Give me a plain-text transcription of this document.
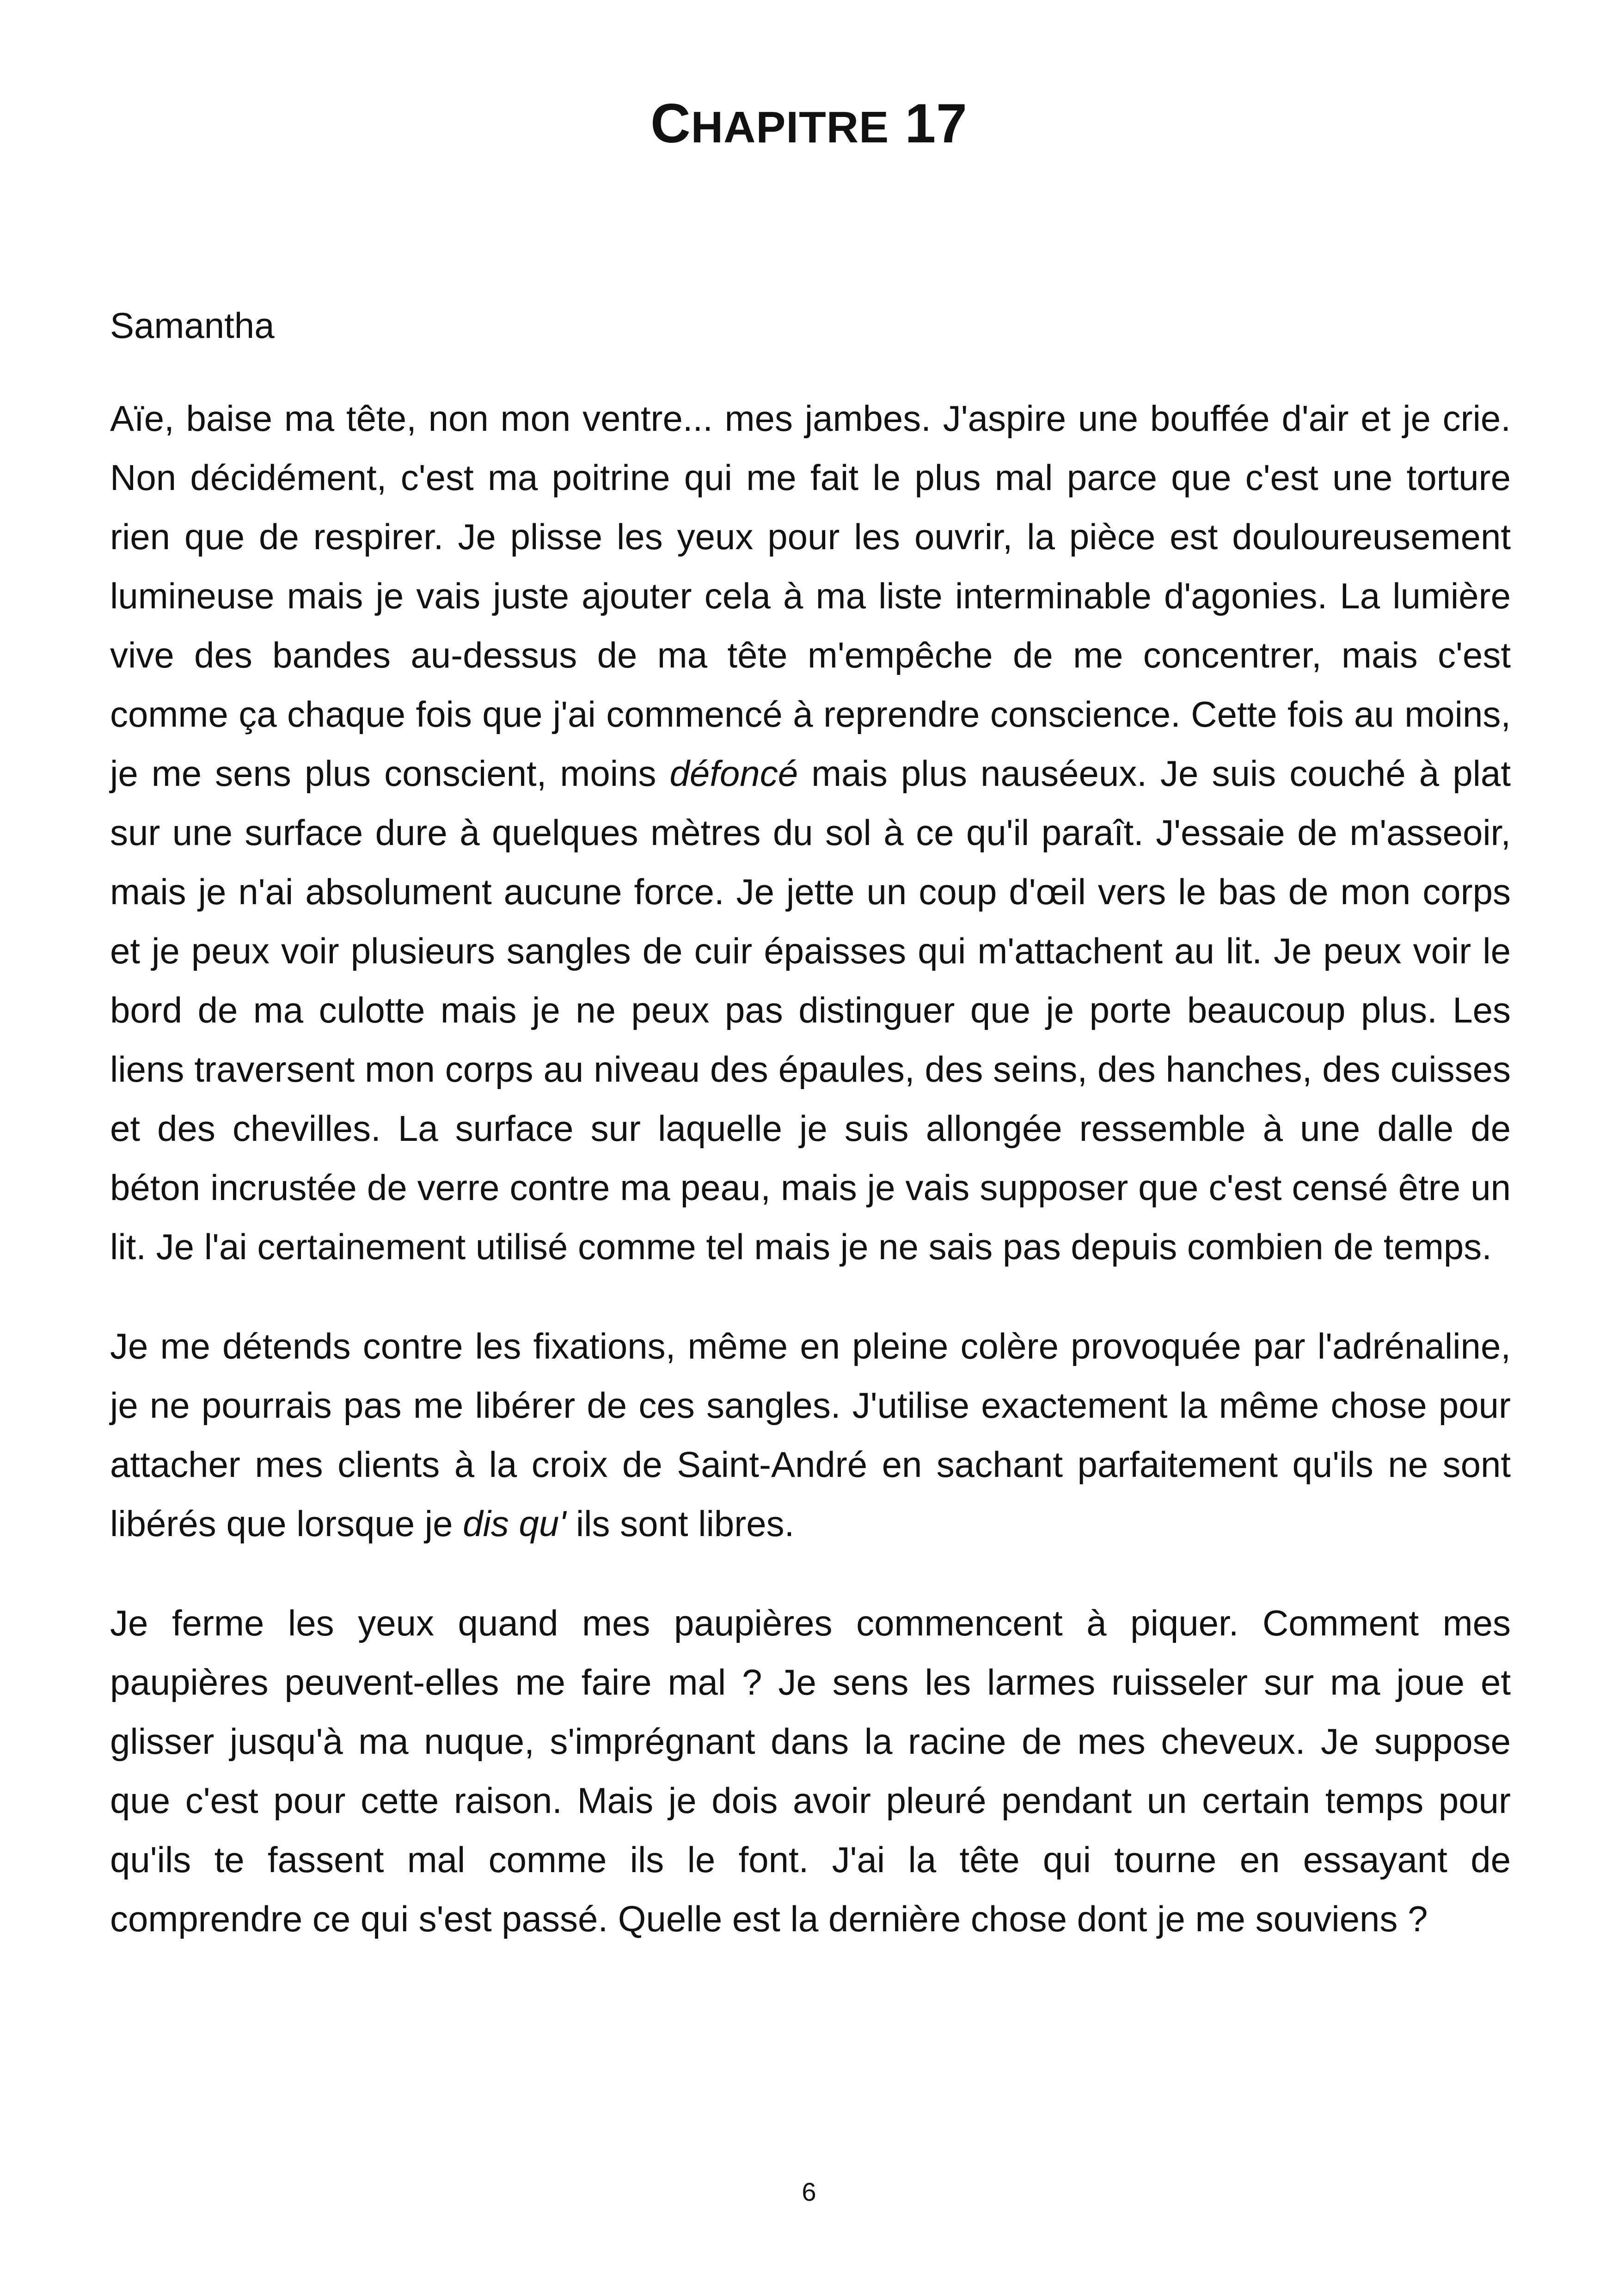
CHAPITRE 17

Samantha

Aïe, baise ma tête, non mon ventre... mes jambes. J'aspire une bouffée d'air et je crie. Non décidément, c'est ma poitrine qui me fait le plus mal parce que c'est une torture rien que de respirer. Je plisse les yeux pour les ouvrir, la pièce est douloureusement lumineuse mais je vais juste ajouter cela à ma liste interminable d'agonies. La lumière vive des bandes au-dessus de ma tête m'empêche de me concentrer, mais c'est comme ça chaque fois que j'ai commencé à reprendre conscience. Cette fois au moins, je me sens plus conscient, moins défoncé mais plus nauséeux. Je suis couché à plat sur une surface dure à quelques mètres du sol à ce qu'il paraît. J'essaie de m'asseoir, mais je n'ai absolument aucune force. Je jette un coup d'œil vers le bas de mon corps et je peux voir plusieurs sangles de cuir épaisses qui m'attachent au lit. Je peux voir le bord de ma culotte mais je ne peux pas distinguer que je porte beaucoup plus. Les liens traversent mon corps au niveau des épaules, des seins, des hanches, des cuisses et des chevilles. La surface sur laquelle je suis allongée ressemble à une dalle de béton incrustée de verre contre ma peau, mais je vais supposer que c'est censé être un lit. Je l'ai certainement utilisé comme tel mais je ne sais pas depuis combien de temps.

Je me détends contre les fixations, même en pleine colère provoquée par l'adrénaline, je ne pourrais pas me libérer de ces sangles. J'utilise exactement la même chose pour attacher mes clients à la croix de Saint-André en sachant parfaitement qu'ils ne sont libérés que lorsque je dis qu' ils sont libres.

Je ferme les yeux quand mes paupières commencent à piquer. Comment mes paupières peuvent-elles me faire mal ? Je sens les larmes ruisseler sur ma joue et glisser jusqu'à ma nuque, s'imprégnant dans la racine de mes cheveux. Je suppose que c'est pour cette raison. Mais je dois avoir pleuré pendant un certain temps pour qu'ils te fassent mal comme ils le font. J'ai la tête qui tourne en essayant de comprendre ce qui s'est passé. Quelle est la dernière chose dont je me souviens ?

6
